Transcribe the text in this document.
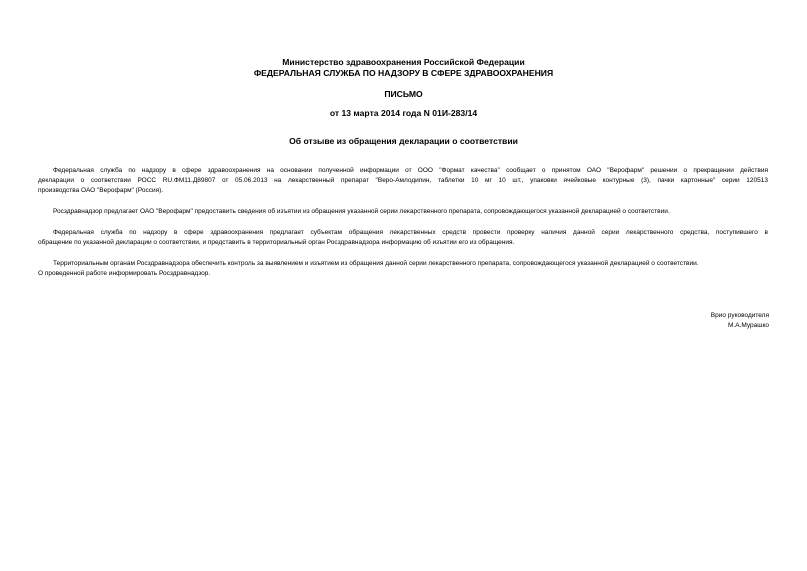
Министерство здравоохранения Российской Федерации
ФЕДЕРАЛЬНАЯ СЛУЖБА ПО НАДЗОРУ В СФЕРЕ ЗДРАВООХРАНЕНИЯ
ПИСЬМО
от 13 марта 2014 года N 01И-283/14
Об отзыве из обращения декларации о соответствии
Федеральная служба по надзору в сфере здравоохранения на основании полученной информации от ООО "Формат качества" сообщает о принятом ОАО "Верофарм" решении о прекращении действия
декларации о соответствии РОСС RU.ФМ11.Д89807 от 05.06.2013 на лекарственный препарат "Веро-Амлодипин, таблетки 10 мг 10 шт., упаковки ячейковые контурные (3), пачки картонные" серии 120513
производства ОАО "Верофарм" (Россия).
Росздравнадзор предлагает ОАО "Верофарм" предоставить сведения об изъятии из обращения указанной серии лекарственного препарата, сопровождающегося указанной декларацией о соответствии.
Федеральная служба по надзору в сфере здравоохранения предлагает субъектам обращения лекарственных средств провести проверку наличия данной серии лекарственного средства, поступившего в
обращение по указанной декларации о соответствии, и представить в территориальный орган Росздравнадзора информацию об изъятии его из обращения.
Территориальным органам Росздравнадзора обеспечить контроль за выявлением и изъятием из обращения данной серии лекарственного препарата, сопровождающегося указанной декларацией о соответствии.
О проведенной работе информировать Росздравнадзор.
Врио руководителя
М.А.Мурашко
